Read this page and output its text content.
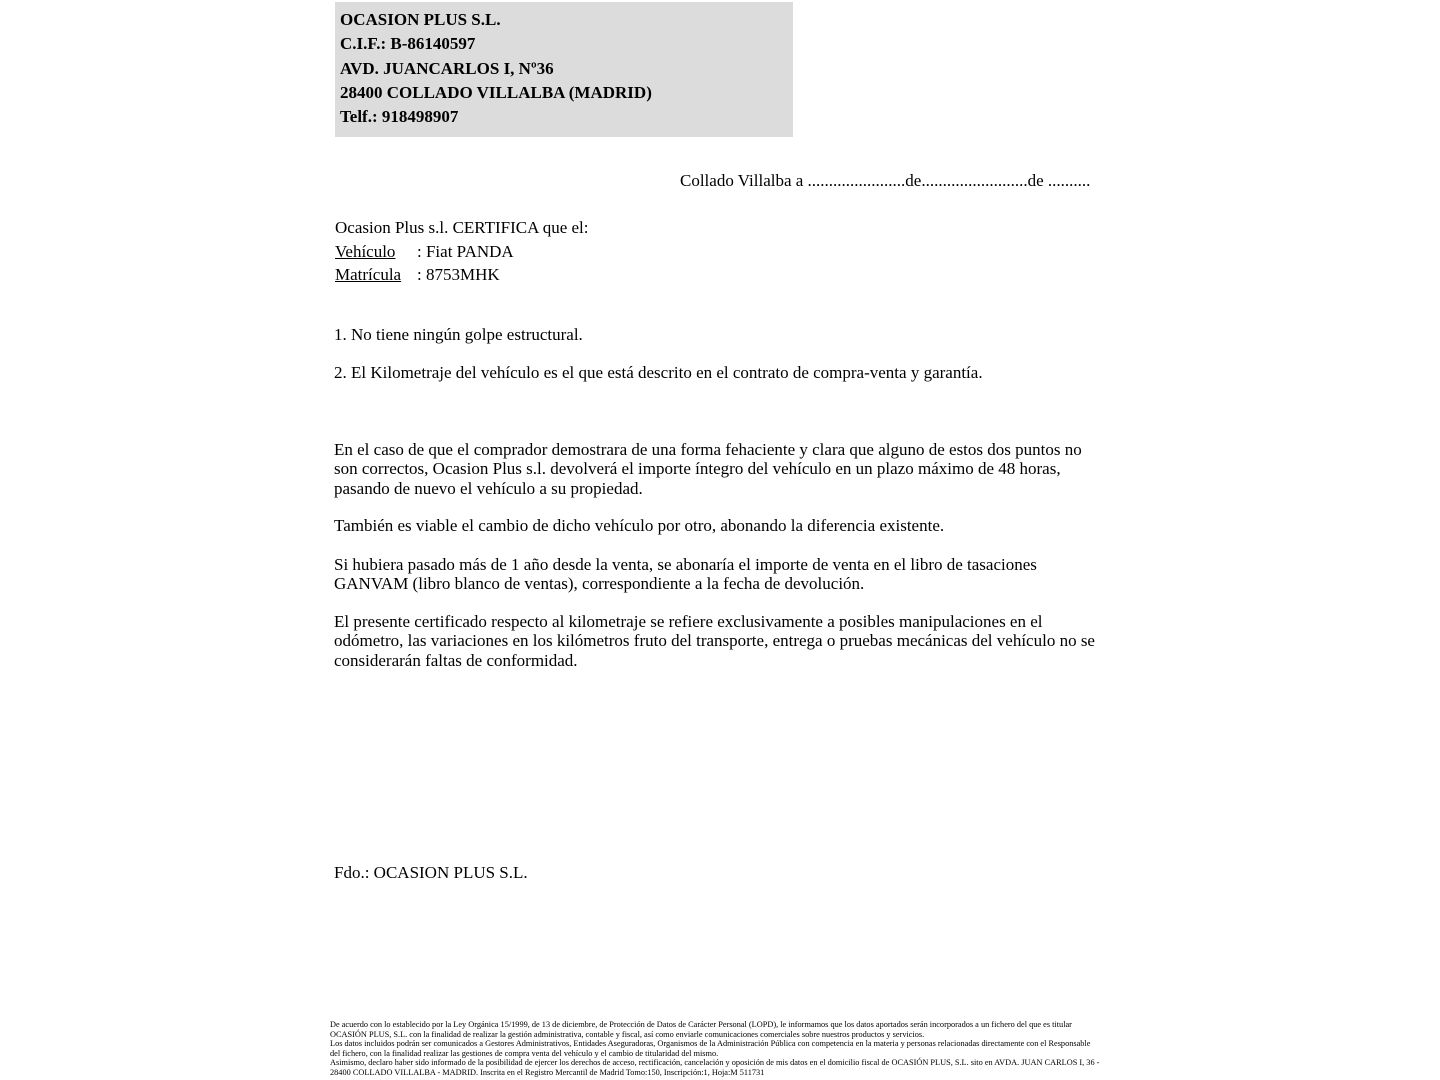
OCASION PLUS S.L.
C.I.F.: B-86140597
AVD. JUANCARLOS I, Nº36
28400 COLLADO VILLALBA (MADRID)
Telf.: 918498907
Collado Villalba a .......................de.........................de ..........
Ocasion Plus s.l. CERTIFICA que el:
Vehículo : Fiat PANDA
Matrícula : 8753MHK
1. No tiene ningún golpe estructural.
2. El Kilometraje del vehículo es el que está descrito en el contrato de compra-venta y garantía.
En el caso de que el comprador demostrara de una forma fehaciente y clara que alguno de estos dos puntos no son correctos, Ocasion Plus s.l. devolverá el importe íntegro del vehículo en un plazo máximo de 48 horas, pasando de nuevo el vehículo a su propiedad.
También es viable el cambio de dicho vehículo por otro, abonando la diferencia existente.
Si hubiera pasado más de 1 año desde la venta, se abonaría el importe de venta en el libro de tasaciones GANVAM (libro blanco de ventas), correspondiente a la fecha de devolución.
El presente certificado respecto al kilometraje se refiere exclusivamente a posibles manipulaciones en el odómetro, las variaciones en los kilómetros fruto del transporte, entrega o pruebas mecánicas del vehículo no se considerarán faltas de conformidad.
Fdo.: OCASION PLUS S.L.

De acuerdo con lo establecido por la Ley Orgánica 15/1999, de 13 de diciembre, de Protección de Datos de Carácter Personal (LOPD), le informamos que los datos aportados serán incorporados a un fichero del que es titular OCASIÓN PLUS, S.L. con la finalidad de realizar la gestión administrativa, contable y fiscal, así como enviarle comunicaciones comerciales sobre nuestros productos y servicios.

Los datos incluidos podrán ser comunicados a Gestores Administrativos, Entidades Aseguradoras, Organismos de la Administración Pública con competencia en la materia y personas relacionadas directamente con el Responsable del fichero, con la finalidad realizar las gestiones de compra venta del vehículo y el cambio de titularidad del mismo.

Asimismo, declaro haber sido informado de la posibilidad de ejercer los derechos de acceso, rectificación, cancelación y oposición de mis datos en el domicilio fiscal de OCASIÓN PLUS, S.L. sito en AVDA. JUAN CARLOS I, 36 - 28400 COLLADO VILLALBA - MADRID. Inscrita en el Registro Mercantil de Madrid Tomo:150, Inscripción:1, Hoja:M 511731
